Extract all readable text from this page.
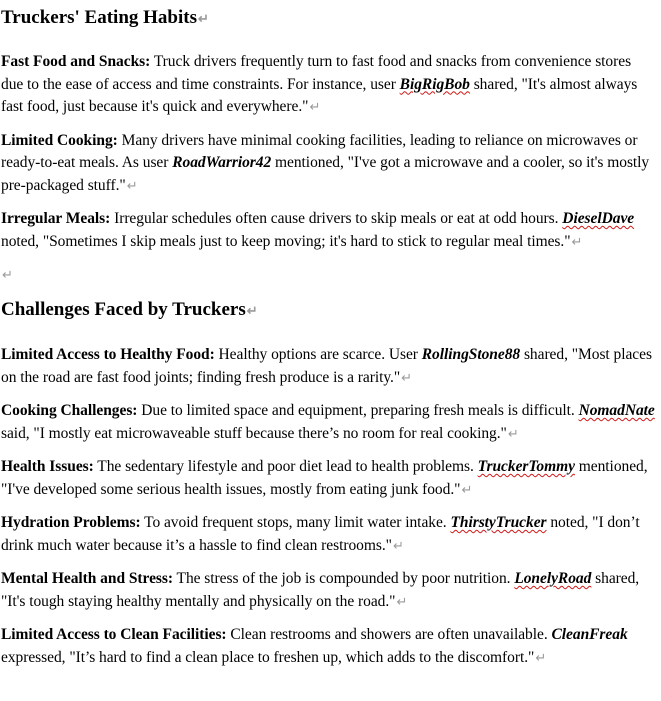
Truckers' Eating Habits↵

Fast Food and Snacks: Truck drivers frequently turn to fast food and snacks from convenience stores due to the ease of access and time constraints. For instance, user BigRigBob shared, "It's almost always fast food, just because it's quick and everywhere."↵

Limited Cooking: Many drivers have minimal cooking facilities, leading to reliance on microwaves or ready-to-eat meals. As user RoadWarrior42 mentioned, "I've got a microwave and a cooler, so it's mostly pre-packaged stuff."↵

Irregular Meals: Irregular schedules often cause drivers to skip meals or eat at odd hours. DieselDave noted, "Sometimes I skip meals just to keep moving; it's hard to stick to regular meal times."↵

↵
Challenges Faced by Truckers↵

Limited Access to Healthy Food: Healthy options are scarce. User RollingStone88 shared, "Most places on the road are fast food joints; finding fresh produce is a rarity."↵

Cooking Challenges: Due to limited space and equipment, preparing fresh meals is difficult. NomadNate said, "I mostly eat microwaveable stuff because there’s no room for real cooking."↵

Health Issues: The sedentary lifestyle and poor diet lead to health problems. TruckerTommy mentioned, "I've developed some serious health issues, mostly from eating junk food."↵

Hydration Problems: To avoid frequent stops, many limit water intake. ThirstyTrucker noted, "I don’t drink much water because it’s a hassle to find clean restrooms."↵

Mental Health and Stress: The stress of the job is compounded by poor nutrition. LonelyRoad shared, "It's tough staying healthy mentally and physically on the road."↵

Limited Access to Clean Facilities: Clean restrooms and showers are often unavailable. CleanFreak expressed, "It’s hard to find a clean place to freshen up, which adds to the discomfort."↵
